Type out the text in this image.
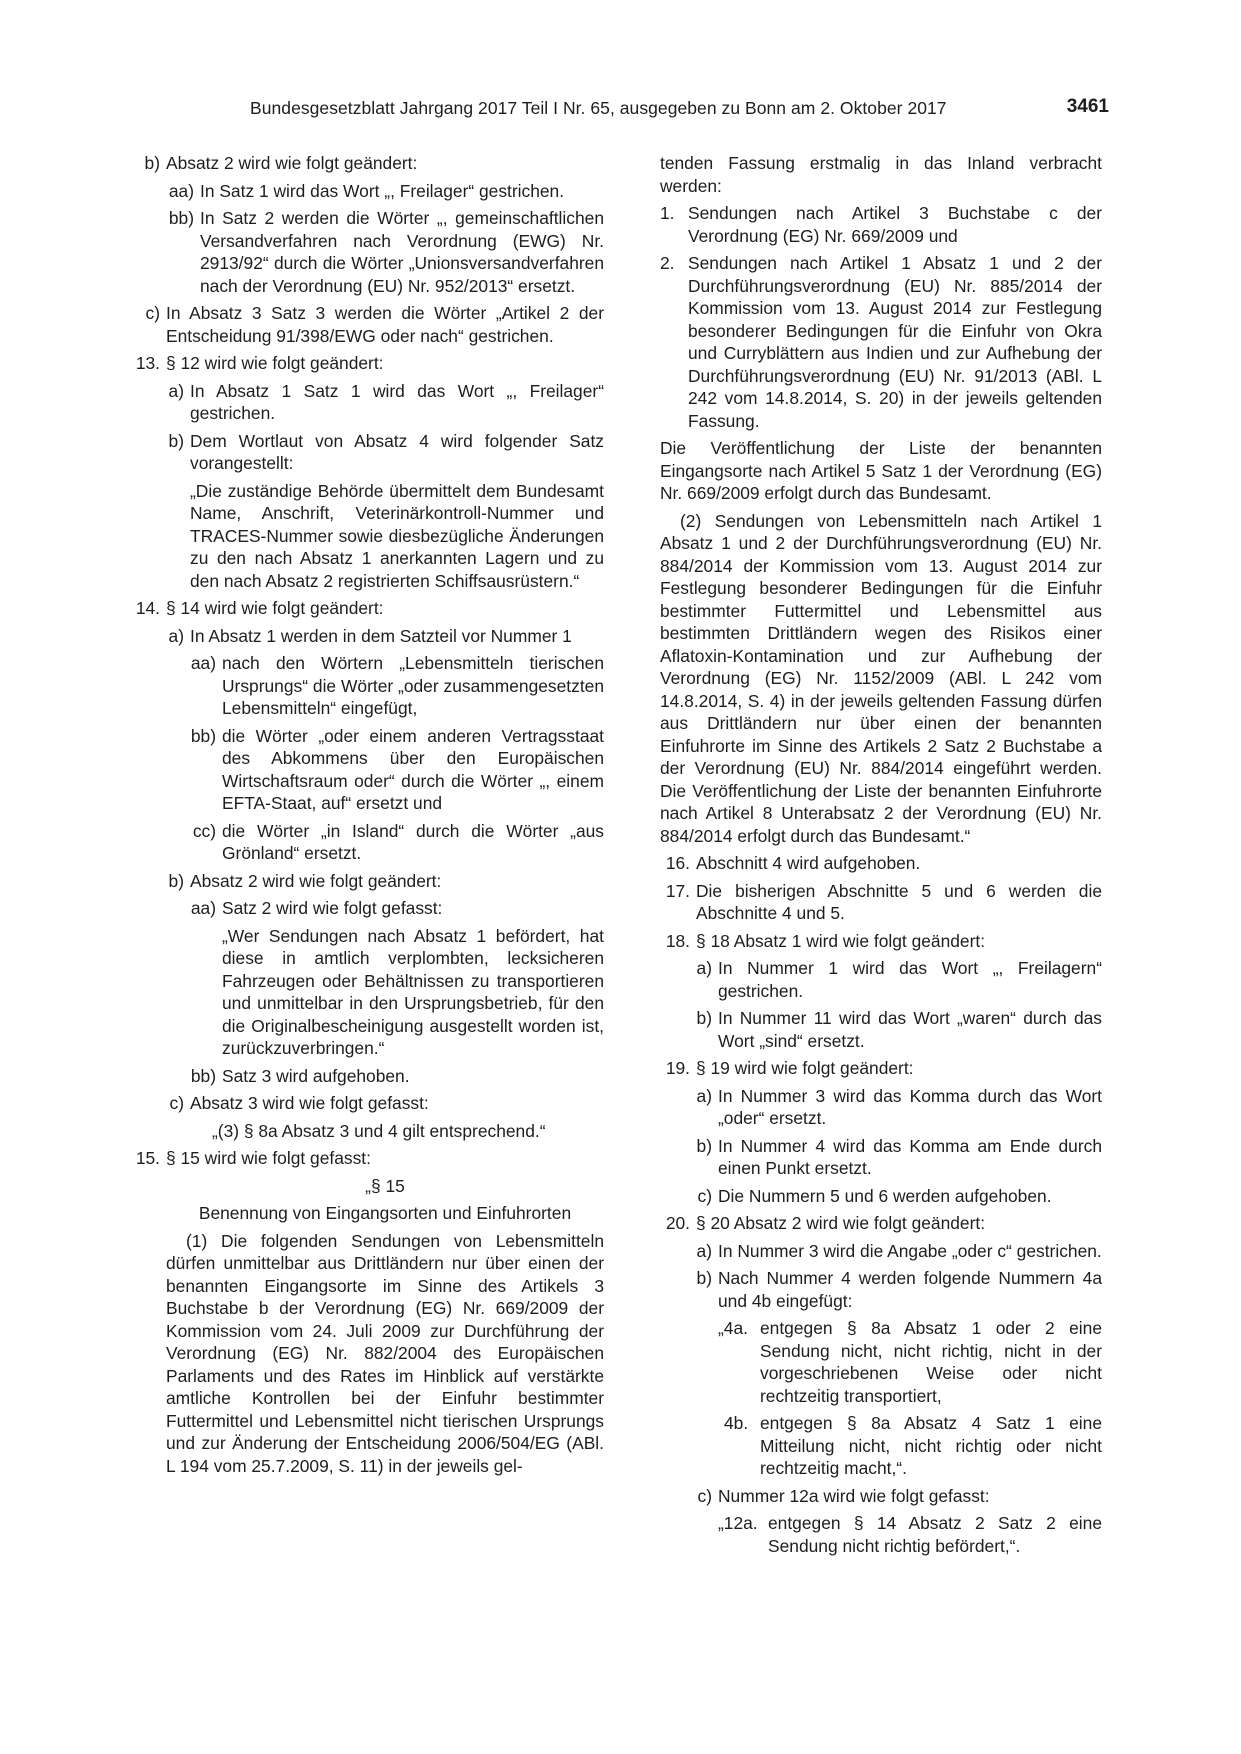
Bundesgesetzblatt Jahrgang 2017 Teil I Nr. 65, ausgegeben zu Bonn am 2. Oktober 2017	3461
b) Absatz 2 wird wie folgt geändert:
aa) In Satz 1 wird das Wort „, Freilager“ gestrichen.
bb) In Satz 2 werden die Wörter „, gemeinschaftlichen Versandverfahren nach Verordnung (EWG) Nr. 2913/92“ durch die Wörter „Unionsversandverfahren nach der Verordnung (EU) Nr. 952/2013“ ersetzt.
c) In Absatz 3 Satz 3 werden die Wörter „Artikel 2 der Entscheidung 91/398/EWG oder nach“ gestrichen.
13. § 12 wird wie folgt geändert:
a) In Absatz 1 Satz 1 wird das Wort „, Freilager“ gestrichen.
b) Dem Wortlaut von Absatz 4 wird folgender Satz vorangestellt:

„Die zuständige Behörde übermittelt dem Bundesamt Name, Anschrift, Veterinärkontroll-Nummer und TRACES-Nummer sowie diesbezügliche Änderungen zu den nach Absatz 1 anerkannten Lagern und zu den nach Absatz 2 registrierten Schiffsausrüstern.“

14. § 14 wird wie folgt geändert:
a) In Absatz 1 werden in dem Satzteil vor Nummer 1
aa) nach den Wörtern „Lebensmitteln tierischen Ursprungs“ die Wörter „oder zusammengesetzten Lebensmitteln“ eingefügt,
bb) die Wörter „oder einem anderen Vertragsstaat des Abkommens über den Europäischen Wirtschaftsraum oder“ durch die Wörter „, einem EFTA-Staat, auf“ ersetzt und
cc) die Wörter „in Island“ durch die Wörter „aus Grönland“ ersetzt.
b) Absatz 2 wird wie folgt geändert:
aa) Satz 2 wird wie folgt gefasst:

„Wer Sendungen nach Absatz 1 befördert, hat diese in amtlich verplombten, lecksicheren Fahrzeugen oder Behältnissen zu transportieren und unmittelbar in den Ursprungsbetrieb, für den die Originalbescheinigung ausgestellt worden ist, zurückzuverbringen.“

bb) Satz 3 wird aufgehoben.
c) Absatz 3 wird wie folgt gefasst:

„(3) § 8a Absatz 3 und 4 gilt entsprechend.“

15. § 15 wird wie folgt gefasst:

„§ 15

Benennung von Eingangsorten und Einfuhrorten

(1) Die folgenden Sendungen von Lebensmitteln dürfen unmittelbar aus Drittländern nur über einen der benannten Eingangsorte im Sinne des Artikels 3 Buchstabe b der Verordnung (EG) Nr. 669/2009 der Kommission vom 24. Juli 2009 zur Durchführung der Verordnung (EG) Nr. 882/2004 des Europäischen Parlaments und des Rates im Hinblick auf verstärkte amtliche Kontrollen bei der Einfuhr bestimmter Futtermittel und Lebensmittel nicht tierischen Ursprungs und zur Änderung der Entscheidung 2006/504/EG (ABl. L 194 vom 25.7.2009, S. 11) in der jeweils gel-

tenden Fassung erstmalig in das Inland verbracht werden:

1. Sendungen nach Artikel 3 Buchstabe c der Verordnung (EG) Nr. 669/2009 und
2. Sendungen nach Artikel 1 Absatz 1 und 2 der Durchführungsverordnung (EU) Nr. 885/2014 der Kommission vom 13. August 2014 zur Festlegung besonderer Bedingungen für die Einfuhr von Okra und Curryblättern aus Indien und zur Aufhebung der Durchführungsverordnung (EU) Nr. 91/2013 (ABl. L 242 vom 14.8.2014, S. 20) in der jeweils geltenden Fassung.

Die Veröffentlichung der Liste der benannten Eingangsorte nach Artikel 5 Satz 1 der Verordnung (EG) Nr. 669/2009 erfolgt durch das Bundesamt.

(2) Sendungen von Lebensmitteln nach Artikel 1 Absatz 1 und 2 der Durchführungsverordnung (EU) Nr. 884/2014 der Kommission vom 13. August 2014 zur Festlegung besonderer Bedingungen für die Einfuhr bestimmter Futtermittel und Lebensmittel aus bestimmten Drittländern wegen des Risikos einer Aflatoxin-Kontamination und zur Aufhebung der Verordnung (EG) Nr. 1152/2009 (ABl. L 242 vom 14.8.2014, S. 4) in der jeweils geltenden Fassung dürfen aus Drittländern nur über einen der benannten Einfuhrorte im Sinne des Artikels 2 Satz 2 Buchstabe a der Verordnung (EU) Nr. 884/2014 eingeführt werden. Die Veröffentlichung der Liste der benannten Einfuhrorte nach Artikel 8 Unterabsatz 2 der Verordnung (EU) Nr. 884/2014 erfolgt durch das Bundesamt.“

16. Abschnitt 4 wird aufgehoben.
17. Die bisherigen Abschnitte 5 und 6 werden die Abschnitte 4 und 5.
18. § 18 Absatz 1 wird wie folgt geändert:
a) In Nummer 1 wird das Wort „, Freilagern“ gestrichen.
b) In Nummer 11 wird das Wort „waren“ durch das Wort „sind“ ersetzt.
19. § 19 wird wie folgt geändert:
a) In Nummer 3 wird das Komma durch das Wort „oder“ ersetzt.
b) In Nummer 4 wird das Komma am Ende durch einen Punkt ersetzt.
c) Die Nummern 5 und 6 werden aufgehoben.
20. § 20 Absatz 2 wird wie folgt geändert:
a) In Nummer 3 wird die Angabe „oder c“ gestrichen.
b) Nach Nummer 4 werden folgende Nummern 4a und 4b eingefügt:
„4a. entgegen § 8a Absatz 1 oder 2 eine Sendung nicht, nicht richtig, nicht in der vorgeschriebenen Weise oder nicht rechtzeitig transportiert,
4b. entgegen § 8a Absatz 4 Satz 1 eine Mitteilung nicht, nicht richtig oder nicht rechtzeitig macht,“.
c) Nummer 12a wird wie folgt gefasst:
„12a. entgegen § 14 Absatz 2 Satz 2 eine Sendung nicht richtig befördert,“.
